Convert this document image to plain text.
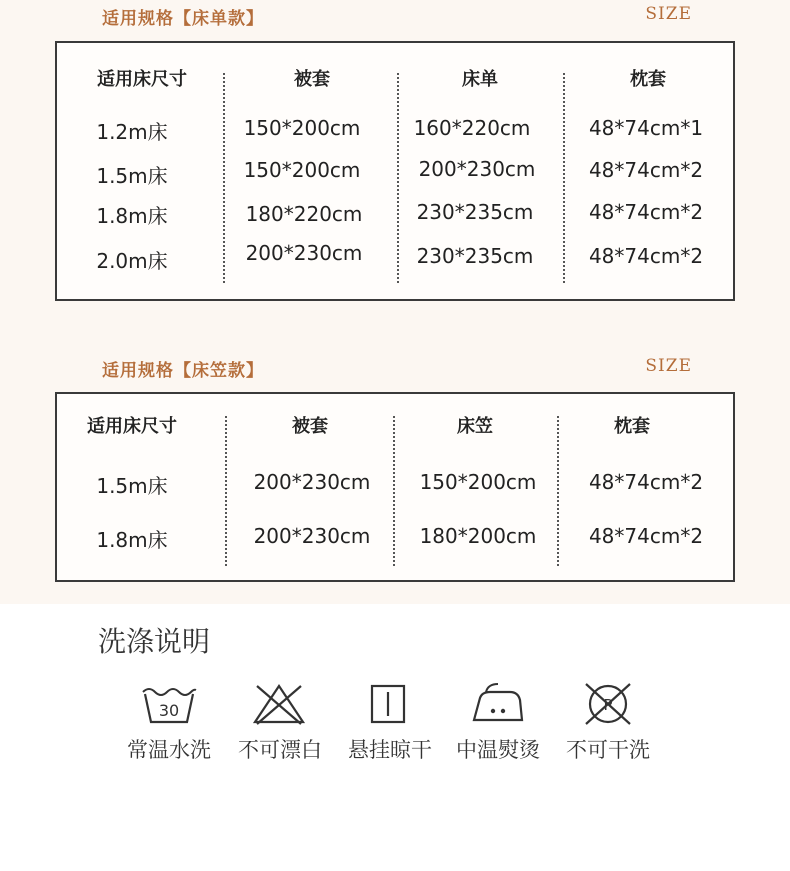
适用规格【床单款】	SIZE
适用床尺寸	被套	床单	枕套
1.2m床	150*200cm	160*220cm	48*74cm*1
1.5m床	150*200cm	200*230cm	48*74cm*2
1.8m床	180*220cm	230*235cm	48*74cm*2
2.0m床	200*230cm	230*235cm	48*74cm*2
适用规格【床笠款】	SIZE
适用床尺寸	被套	床笠	枕套
1.5m床	200*230cm	150*200cm	48*74cm*2
1.8m床	200*230cm	180*200cm	48*74cm*2
洗涤说明
30	P
常温水洗	不可漂白	悬挂晾干	中温熨烫	不可干洗
